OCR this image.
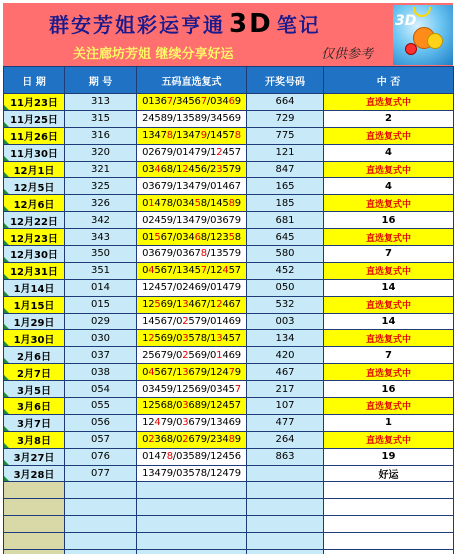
群安芳姐彩运亨通 3D 笔记
关注廊坊芳姐 继续分享好运	仅供参考
3D
日 期	期 号	五码直选复式	开奖号码	中 否
11月23日	313	01367/34567/03469	664	直选复式中
11月25日	315	24589/13589/34569	729	2
11月26日	316	13478/13479/14578	775	直选复式中
11月30日	320	02679/01479/12457	121	4
12月1日	321	03468/12456/23579	847	直选复式中
12月5日	325	03679/13479/01467	165	4
12月6日	326	01478/03458/14589	185	直选复式中
12月22日	342	02459/13479/03679	681	16
12月23日	343	01567/03468/12358	645	直选复式中
12月30日	350	03679/03678/13579	580	7
12月31日	351	04567/13457/12457	452	直选复式中
1月14日	014	12457/02469/01479	050	14
1月15日	015	12569/13467/12467	532	直选复式中
1月29日	029	14567/02579/01469	003	14
1月30日	030	12569/03578/13457	134	直选复式中
2月6日	037	25679/02569/01469	420	7
2月7日	038	04567/13679/12479	467	直选复式中
3月5日	054	03459/12569/03457	217	16
3月6日	055	12568/03689/12457	107	直选复式中
3月7日	056	12479/03679/13469	477	1
3月8日	057	02368/02679/23489	264	直选复式中
3月27日	076	01478/03589/12456	863	19
3月28日	077	13479/03578/12479		好运
